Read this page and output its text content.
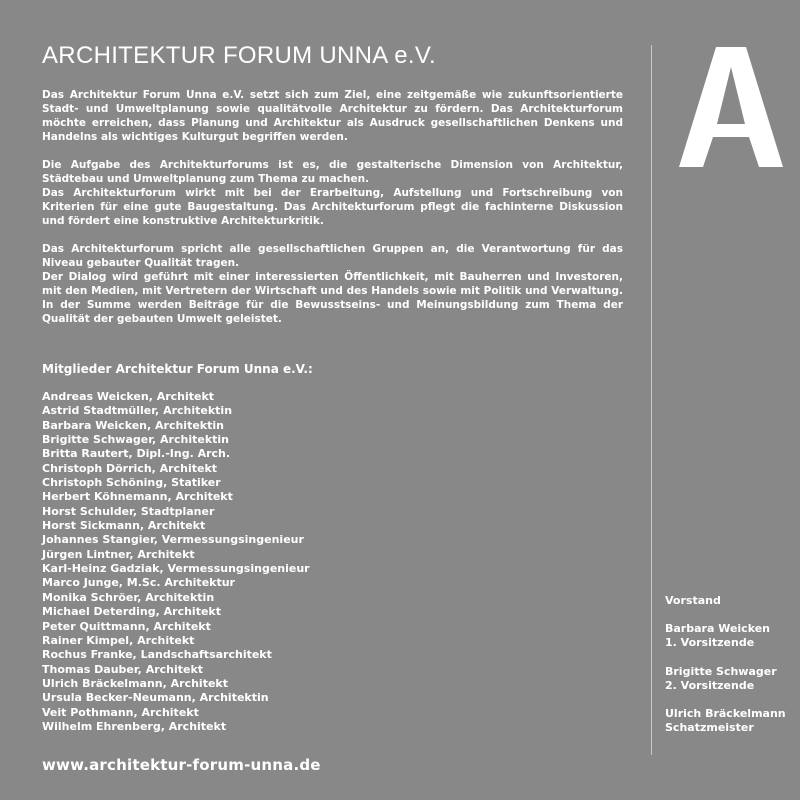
ARCHITEKTUR FORUM UNNA e.V.

Das Architektur Forum Unna e.V. setzt sich zum Ziel, eine zeitgemäße wie zukunftsorientierte Stadt- und Umweltplanung sowie qualitätvolle Architektur zu fördern. Das Architekturforum möchte erreichen, dass Planung und Architektur als Ausdruck gesellschaftlichen Denkens und Handelns als wichtiges Kulturgut begriffen werden.

Die Aufgabe des Architekturforums ist es, die gestalterische Dimension von Architektur, Städtebau und Umweltplanung zum Thema zu machen.
Das Architekturforum wirkt mit bei der Erarbeitung, Aufstellung und Fortschreibung von Kriterien für eine gute Baugestaltung. Das Architekturforum pflegt die fachinterne Diskussion und fördert eine konstruktive Architekturkritik.

Das Architekturforum spricht alle gesellschaftlichen Gruppen an, die Verantwortung für das Niveau gebauter Qualität tragen.
Der Dialog wird geführt mit einer interessierten Öffentlichkeit, mit Bauherren und Investoren, mit den Medien, mit Vertretern der Wirtschaft und des Handels sowie mit Politik und Verwaltung. In der Summe werden Beiträge für die Bewusstseins- und Meinungsbildung zum Thema der Qualität der gebauten Umwelt geleistet.

Mitglieder Architektur Forum Unna e.V.:
Andreas Weicken, Architekt
Astrid Stadtmüller, Architektin
Barbara Weicken, Architektin
Brigitte Schwager, Architektin
Britta Rautert, Dipl.-Ing. Arch.
Christoph Dörrich, Architekt
Christoph Schöning, Statiker
Herbert Köhnemann, Architekt
Horst Schulder, Stadtplaner
Horst Sickmann, Architekt
Johannes Stangier, Vermessungsingenieur
Jürgen Lintner, Architekt
Karl-Heinz Gadziak, Vermessungsingenieur
Marco Junge, M.Sc. Architektur
Monika Schröer, Architektin
Michael Deterding, Architekt
Peter Quittmann, Architekt
Rainer Kimpel, Architekt
Rochus Franke, Landschaftsarchitekt
Thomas Dauber, Architekt
Ulrich Bräckelmann, Architekt
Ursula Becker-Neumann, Architektin
Veit Pothmann, Architekt
Wilhelm Ehrenberg, Architekt
www.architektur-forum-unna.de

Vorstand

Barbara Weicken
1. Vorsitzende
Brigitte Schwager
2. Vorsitzende
Ulrich Bräckelmann
Schatzmeister
